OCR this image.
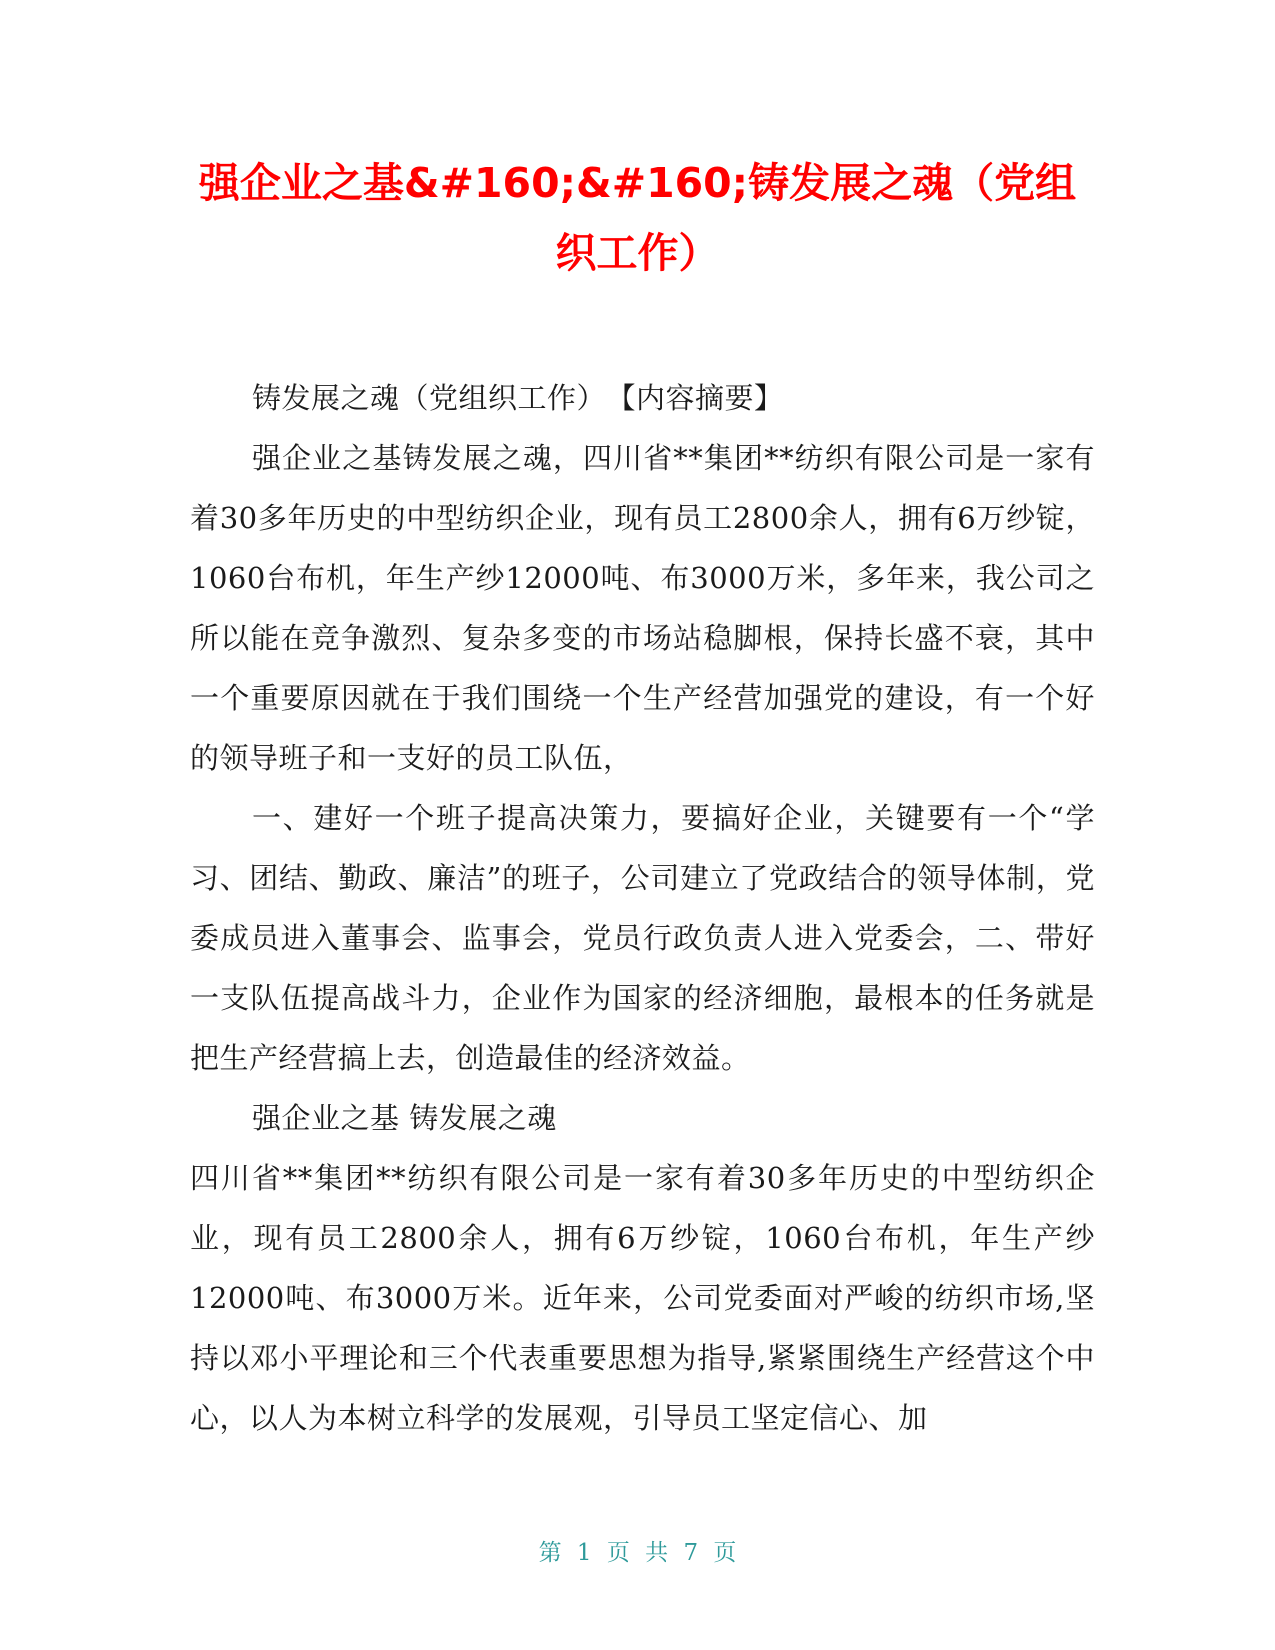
强企业之基&#160;&#160;铸发展之魂（党组织工作）

铸发展之魂（党组织工作）　【内容摘要】

强企业之基铸发展之魂，四川省**集团**纺织有限公司是一家有着30多年历史的中型纺织企业，现有员工2800余人，拥有6万纱锭，1060台布机，年生产纱12000吨、布3000万米，多年来，我公司之所以能在竞争激烈、复杂多变的市场站稳脚根，保持长盛不衰，其中一个重要原因就在于我们围绕一个生产经营加强党的建设，有一个好的领导班子和一支好的员工队伍，

一、建好一个班子提高决策力，要搞好企业，关键要有一个“学习、团结、勤政、廉洁”的班子，公司建立了党政结合的领导体制，党委成员进入董事会、监事会，党员行政负责人进入党委会，二、带好一支队伍提高战斗力，企业作为国家的经济细胞，最根本的任务就是把生产经营搞上去，创造最佳的经济效益。

强企业之基 铸发展之魂

四川省**集团**纺织有限公司是一家有着30多年历史的中型纺织企业，现有员工2800余人，拥有6万纱锭，1060台布机，年生产纱12000吨、布3000万米。近年来，公司党委面对严峻的纺织市场,坚持以邓小平理论和三个代表重要思想为指导,紧紧围绕生产经营这个中心，以人为本树立科学的发展观，引导员工坚定信心、加

第 1 页 共 7 页
